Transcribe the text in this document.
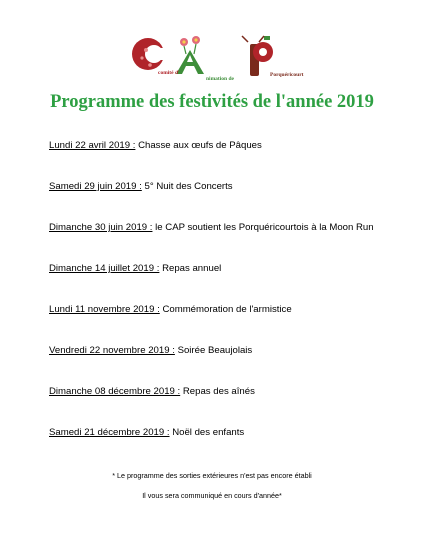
comité d'
nimation de
Porquéricourt
Programme des festivités de l'année 2019
Lundi 22 avril 2019 : Chasse aux œufs de Pâques
Samedi 29 juin 2019 : 5° Nuit des Concerts
Dimanche 30 juin 2019 : le CAP soutient les Porquéricourtois à la Moon Run
Dimanche 14 juillet 2019 : Repas annuel
Lundi 11 novembre 2019 : Commémoration de l'armistice
Vendredi 22 novembre 2019 : Soirée Beaujolais
Dimanche 08 décembre 2019 : Repas des aînés
Samedi 21 décembre 2019 : Noël des enfants
* Le programme des sorties extérieures n'est pas encore établi
Il vous sera communiqué en cours d'année*
